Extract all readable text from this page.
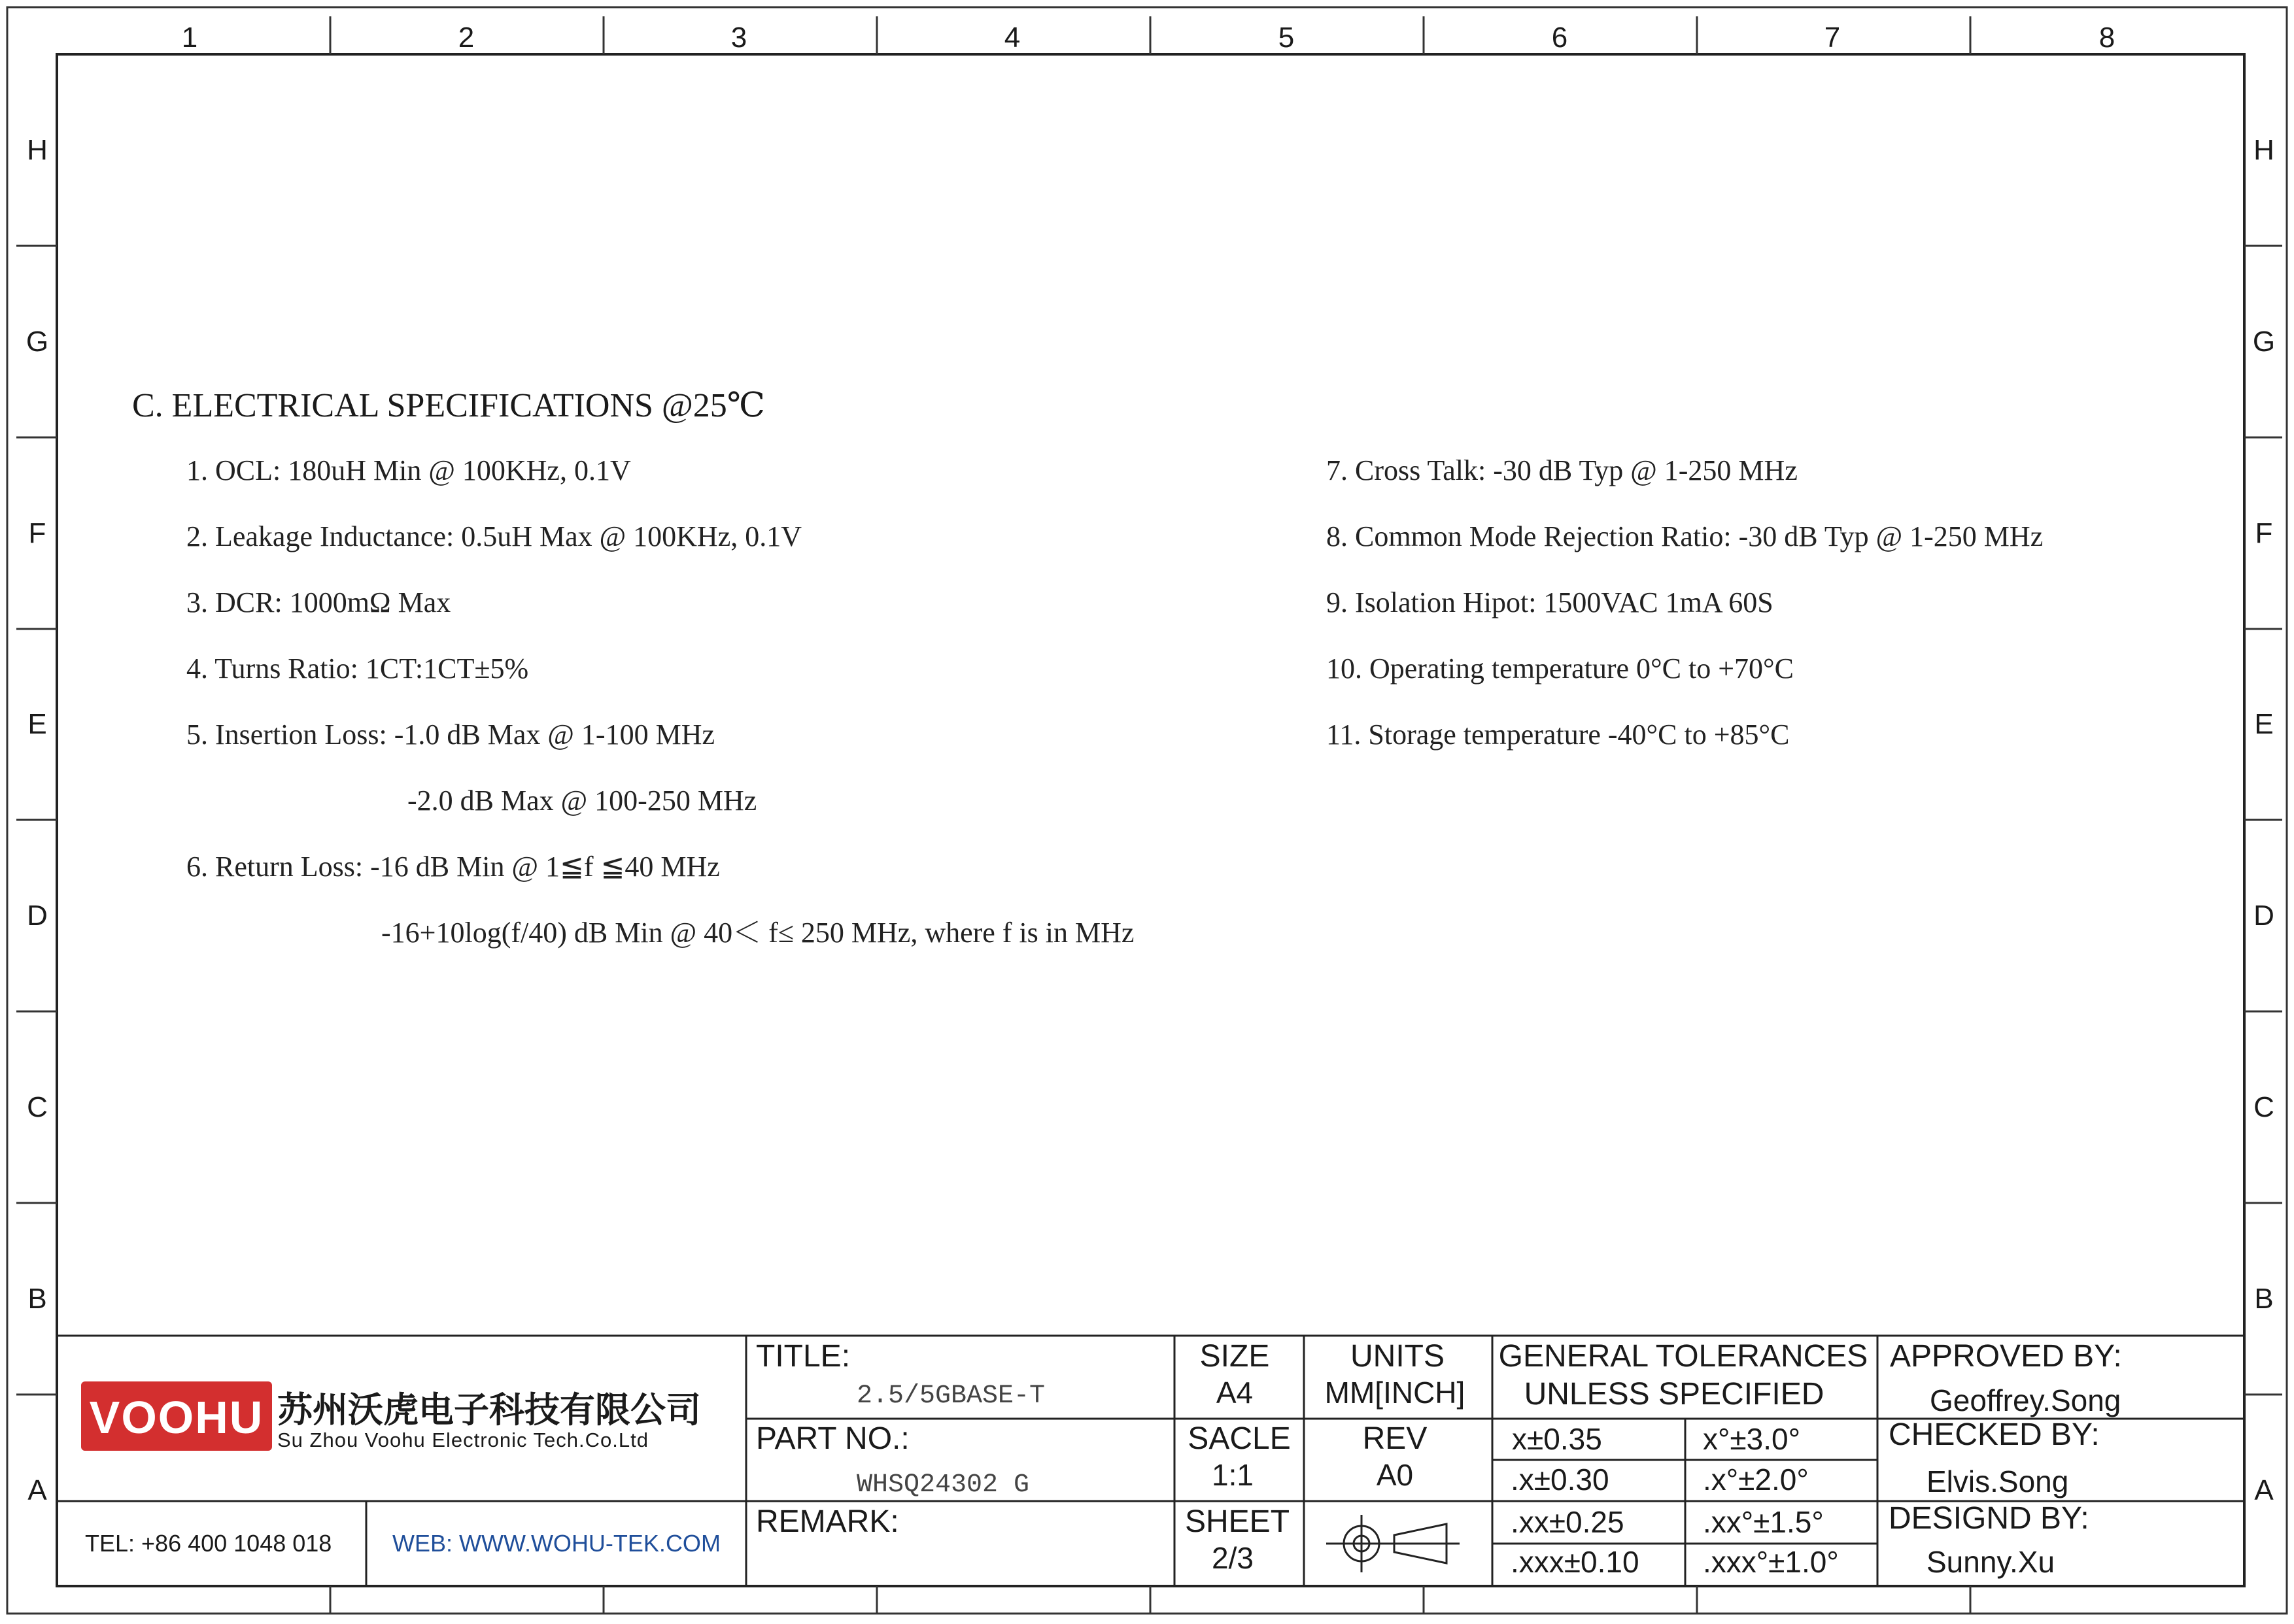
1	2	3	4	5	6	7	8
H
G
F
E
D
C
B
A
H
G
F
E
D
C
B
A
C. ELECTRICAL SPECIFICATIONS @25℃
1. OCL: 180uH Min @ 100KHz, 0.1V
2. Leakage Inductance: 0.5uH Max @ 100KHz, 0.1V
3. DCR: 1000mΩ Max
4. Turns Ratio: 1CT:1CT±5%
5. Insertion Loss: -1.0 dB Max @ 1-100 MHz
-2.0 dB Max @ 100-250 MHz
6. Return Loss: -16 dB Min @ 1≦f ≦40 MHz
-16+10log(f/40) dB Min @ 40＜ f≤ 250 MHz, where f is in MHz
7. Cross Talk: -30 dB Typ @ 1-250 MHz
8. Common Mode Rejection Ratio: -30 dB Typ @ 1-250 MHz
9. Isolation Hipot: 1500VAC 1mA 60S
10. Operating temperature 0°C to +70°C
11. Storage temperature -40°C to +85°C
VOOHU 苏州沃虎电子科技有限公司
Su Zhou Voohu Electronic Tech.Co.Ltd
TEL: +86 400 1048 018	WEB: WWW.WOHU-TEK.COM
TITLE:
2.5/5GBASE-T
PART NO.:
WHSQ24302 G
REMARK:
SIZE
A4
SACLE
1:1
SHEET
2/3
UNITS
MM[INCH]
REV
A0
GENERAL TOLERANCES
UNLESS SPECIFIED
x±0.35	x°±3.0°
.x±0.30	.x°±2.0°
.xx±0.25	.xx°±1.5°
.xxx±0.10 .xxx°±1.0°
APPROVED BY:
Geoffrey.Song
CHECKED BY:
Elvis.Song
DESIGND BY:
Sunny.Xu
